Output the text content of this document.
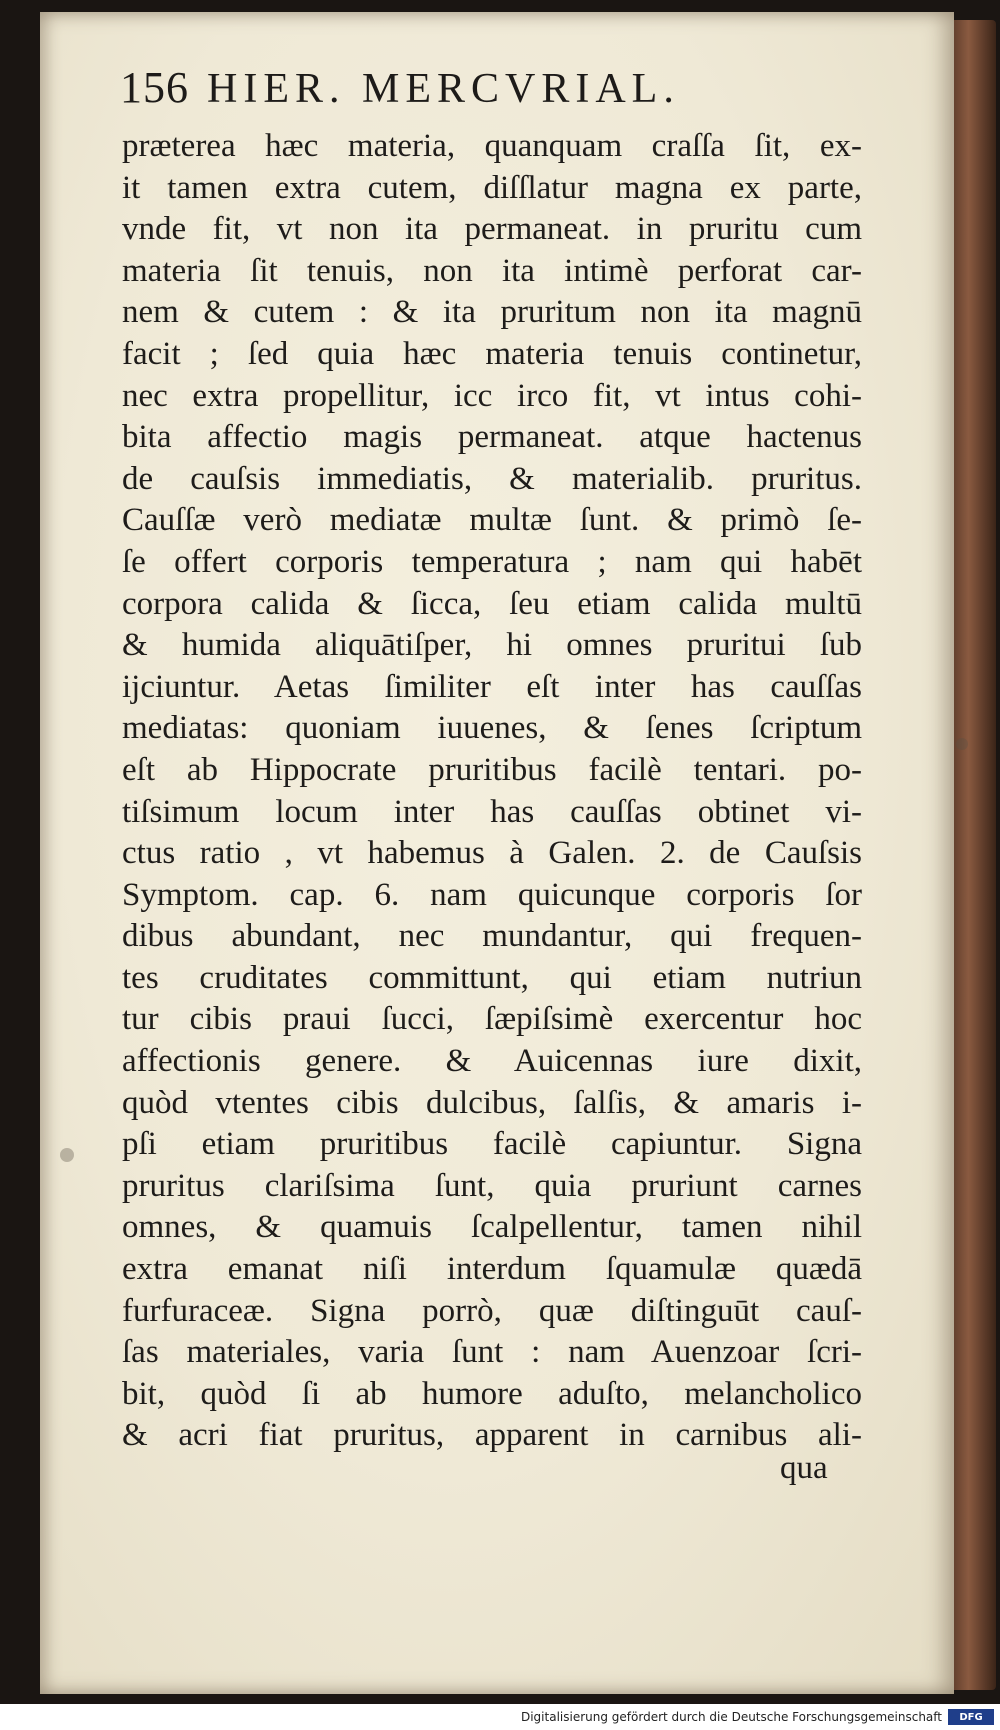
156 HIER. MERCVRIAL.
præterea hæc materia, quanquam craſſa ſit, ex-
it tamen extra cutem, diſſlatur magna ex parte,
vnde fit, vt non ita permaneat. in pruritu cum
materia ſit tenuis, non ita intimè perforat car-
nem & cutem : & ita pruritum non ita magnū
facit ; ſed quia hæc materia tenuis continetur,
nec extra propellitur, icc irco fit, vt intus cohi-
bita affectio magis permaneat. atque hactenus
de cauſsis immediatis, & materialib. pruritus.
Cauſſæ verò mediatæ multæ ſunt. & primò ſe-
ſe offert corporis temperatura ; nam qui habēt
corpora calida & ſicca, ſeu etiam calida multū
& humida aliquātiſper, hi omnes pruritui ſub
ijciuntur. Aetas ſimiliter eſt inter has cauſſas
mediatas: quoniam iuuenes, & ſenes ſcriptum
eſt ab Hippocrate pruritibus facilè tentari. po-
tiſsimum locum inter has cauſſas obtinet vi-
ctus ratio , vt habemus à Galen. 2. de Cauſsis
Symptom. cap. 6. nam quicunque corporis ſor
dibus abundant, nec mundantur, qui frequen-
tes cruditates committunt, qui etiam nutriun
tur cibis praui ſucci, ſæpiſsimè exercentur hoc
affectionis genere. & Auicennas iure dixit,
quòd vtentes cibis dulcibus, ſalſis, & amaris i-
pſi etiam pruritibus facilè capiuntur. Signa
pruritus clariſsima ſunt, quia pruriunt carnes
omnes, & quamuis ſcalpellentur, tamen nihil
extra emanat niſi interdum ſquamulæ quædā
furfuraceæ. Signa porrò, quæ diſtinguūt cauſ-
ſas materiales, varia ſunt : nam Auenzoar ſcri-
bit, quòd ſi ab humore aduſto, melancholico
& acri fiat pruritus, apparent in carnibus ali-
qua
Digitalisierung gefördert durch die Deutsche Forschungsgemeinschaft	DFG
